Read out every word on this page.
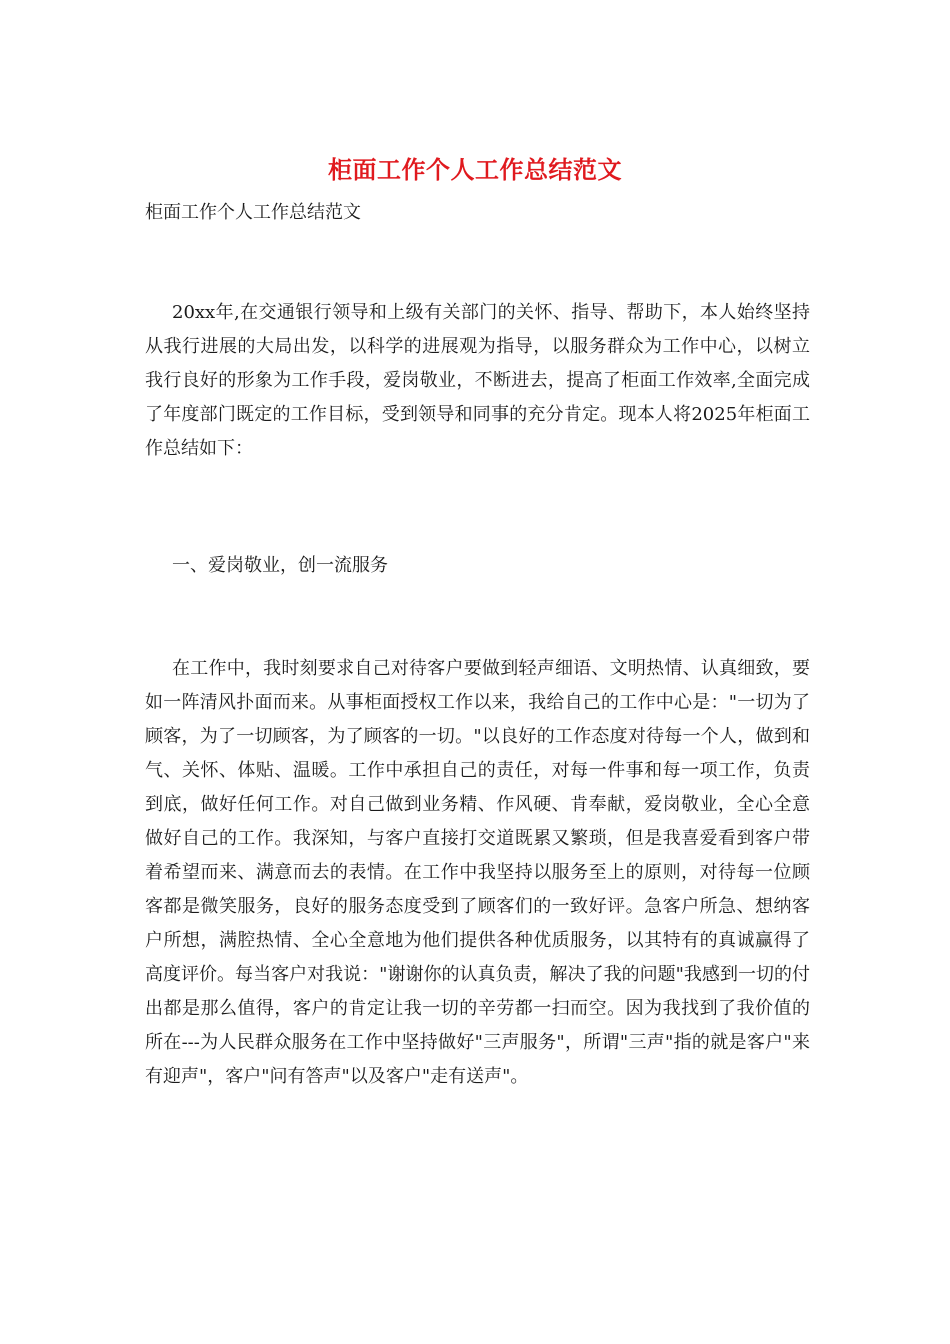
柜面工作个人工作总结范文
柜面工作个人工作总结范文

20xx年,在交通银行领导和上级有关部门的关怀、指导、帮助下，本人始终坚持从我行进展的大局出发，以科学的进展观为指导，以服务群众为工作中心，以树立我行良好的形象为工作手段，爱岗敬业，不断进去，提高了柜面工作效率,全面完成了年度部门既定的工作目标，受到领导和同事的充分肯定。现本人将2025年柜面工作总结如下：

一、爱岗敬业，创一流服务

在工作中，我时刻要求自己对待客户要做到轻声细语、文明热情、认真细致，要如一阵清风扑面而来。从事柜面授权工作以来，我给自己的工作中心是："一切为了顾客，为了一切顾客，为了顾客的一切。"以良好的工作态度对待每一个人，做到和气、关怀、体贴、温暖。工作中承担自己的责任，对每一件事和每一项工作，负责到底，做好任何工作。对自己做到业务精、作风硬、肯奉献，爱岗敬业，全心全意做好自己的工作。我深知，与客户直接打交道既累又繁琐，但是我喜爱看到客户带着希望而来、满意而去的表情。在工作中我坚持以服务至上的原则，对待每一位顾客都是微笑服务，良好的服务态度受到了顾客们的一致好评。急客户所急、想纳客户所想，满腔热情、全心全意地为他们提供各种优质服务，以其特有的真诚赢得了高度评价。每当客户对我说："谢谢你的认真负责，解决了我的问题"我感到一切的付出都是那么值得，客户的肯定让我一切的辛劳都一扫而空。因为我找到了我价值的所在---为人民群众服务在工作中坚持做好"三声服务"，所谓"三声"指的就是客户"来有迎声"，客户"问有答声"以及客户"走有送声"。
